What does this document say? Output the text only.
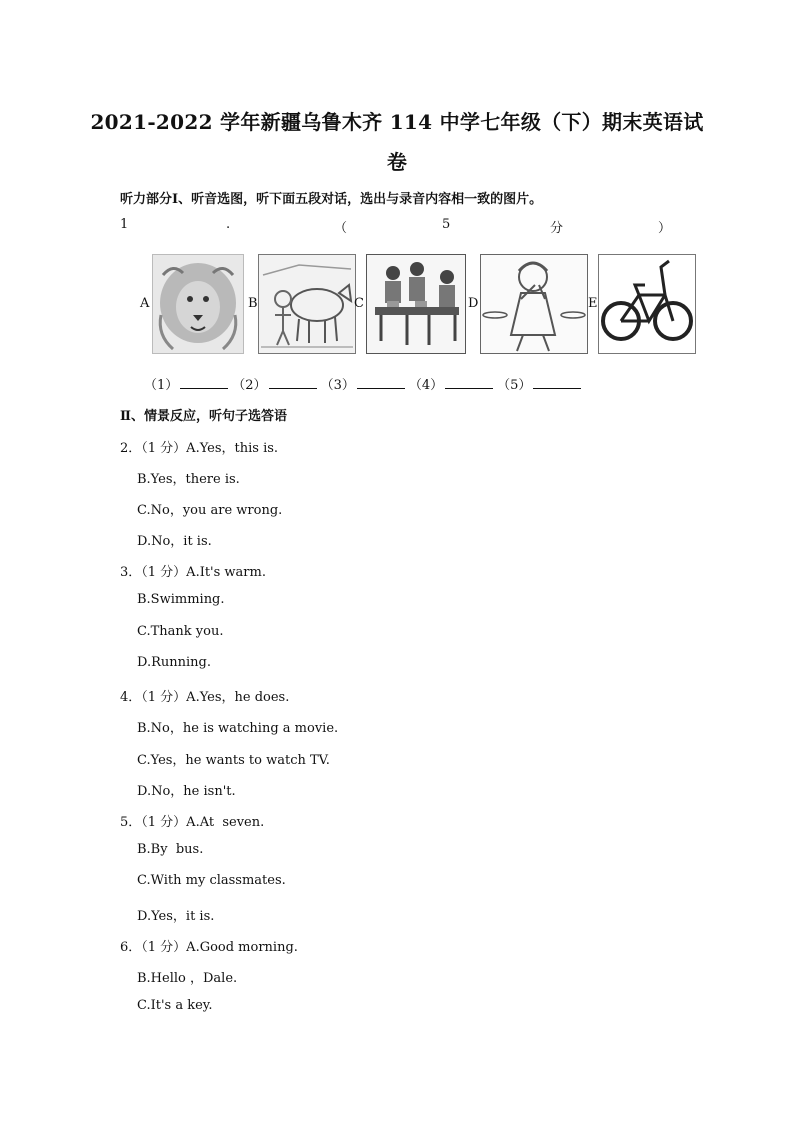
2021-2022 学年新疆乌鲁木齐 114 中学七年级（下）期末英语试
卷
听力部分Ⅰ、听音选图，听下面五段对话，选出与录音内容相一致的图片。
1	.	（	5	分	）
A	B	C	D	E
（1）	（2）	（3）	（4）	（5）
Ⅱ、情景反应，听句子选答语
2．（1 分）A.Yes，this is.
B.Yes，there is.
C.No，you are wrong.
D.No，it is.
3．（1 分）A.It's warm.
B.Swimming.
C.Thank you.
D.Running.
4．（1 分）A.Yes，he does.
B.No，he is watching a movie.
C.Yes，he wants to watch TV.
D.No，he isn't.
5．（1 分）A.At  seven.
B.By  bus.
C.With my classmates.
D.Yes，it is.
6．（1 分）A.Good morning.
B.Hello ，Dale.
C.It's a key.
